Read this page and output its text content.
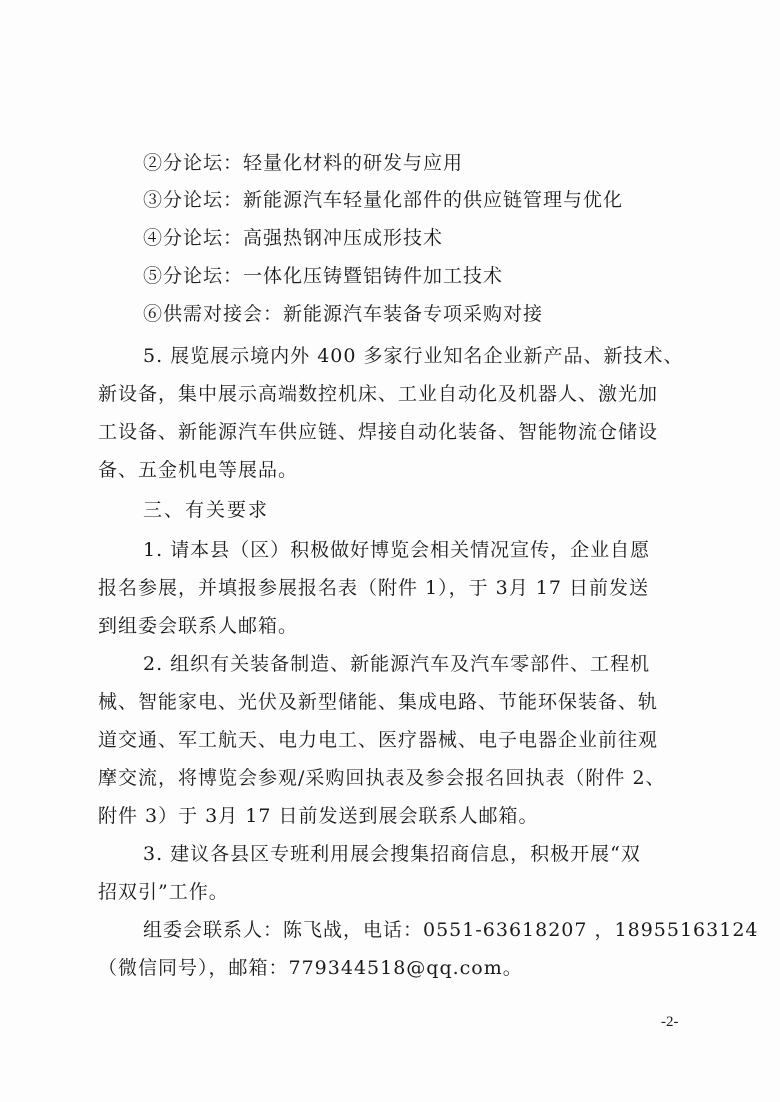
②分论坛：轻量化材料的研发与应用
③分论坛：新能源汽车轻量化部件的供应链管理与优化
④分论坛：高强热钢冲压成形技术
⑤分论坛：一体化压铸暨铝铸件加工技术
⑥供需对接会：新能源汽车装备专项采购对接
5. 展览展示境内外 400 多家行业知名企业新产品、新技术、
新设备，集中展示高端数控机床、工业自动化及机器人、激光加
工设备、新能源汽车供应链、焊接自动化装备、智能物流仓储设
备、五金机电等展品。
三、有关要求
1. 请本县（区）积极做好博览会相关情况宣传，企业自愿
报名参展，并填报参展报名表（附件 1），于 3月 17 日前发送
到组委会联系人邮箱。
2. 组织有关装备制造、新能源汽车及汽车零部件、工程机
械、智能家电、光伏及新型储能、集成电路、节能环保装备、轨
道交通、军工航天、电力电工、医疗器械、电子电器企业前往观
摩交流，将博览会参观/采购回执表及参会报名回执表（附件 2、
附件 3）于 3月 17 日前发送到展会联系人邮箱。
3. 建议各县区专班利用展会搜集招商信息，积极开展“双
招双引”工作。
组委会联系人：陈飞战，电话：0551-63618207 ，18955163124
（微信同号），邮箱：779344518@qq.com。
-2-
